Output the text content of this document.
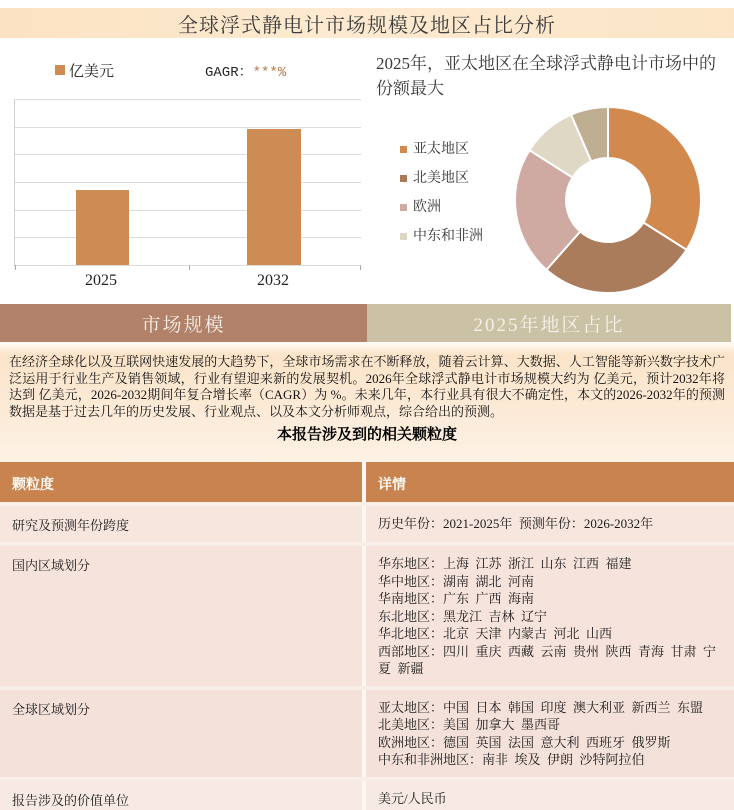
全球浮式静电计市场规模及地区占比分析
亿美元	GAGR：***%
2025	2032
2025年，亚太地区在全球浮式静电计市场中的份额最大
亚太地区
北美地区
欧洲
中东和非洲
市场规模	2025年地区占比
在经济全球化以及互联网快速发展的大趋势下，全球市场需求在不断释放，随着云计算、大数据、人工智能等新兴数字技术广泛运用于行业生产及销售领域，行业有望迎来新的发展契机。2026年全球浮式静电计市场规模大约为 亿美元，预计2032年将达到 亿美元，2026-2032期间年复合增长率（CAGR）为 %。未来几年，本行业具有很大不确定性，本文的2026-2032年的预测数据是基于过去几年的历史发展、行业观点、以及本文分析师观点，综合给出的预测。
本报告涉及到的相关颗粒度
颗粒度	详情
研究及预测年份跨度	历史年份：2021-2025年  预测年份：2026-2032年
国内区域划分	华东地区：上海  江苏  浙江  山东  江西  福建
华中地区：湖南  湖北  河南
华南地区：广东  广西  海南
东北地区：黑龙江  吉林  辽宁
华北地区：北京  天津  内蒙古  河北  山西
西部地区：四川  重庆  西藏  云南  贵州  陕西  青海  甘肃  宁夏  新疆
全球区域划分	亚太地区：中国  日本  韩国  印度  澳大利亚  新西兰  东盟
北美地区：美国  加拿大  墨西哥
欧洲地区：德国  英国  法国  意大利  西班牙  俄罗斯
中东和非洲地区：南非  埃及  伊朗  沙特阿拉伯
报告涉及的价值单位	美元/人民币
